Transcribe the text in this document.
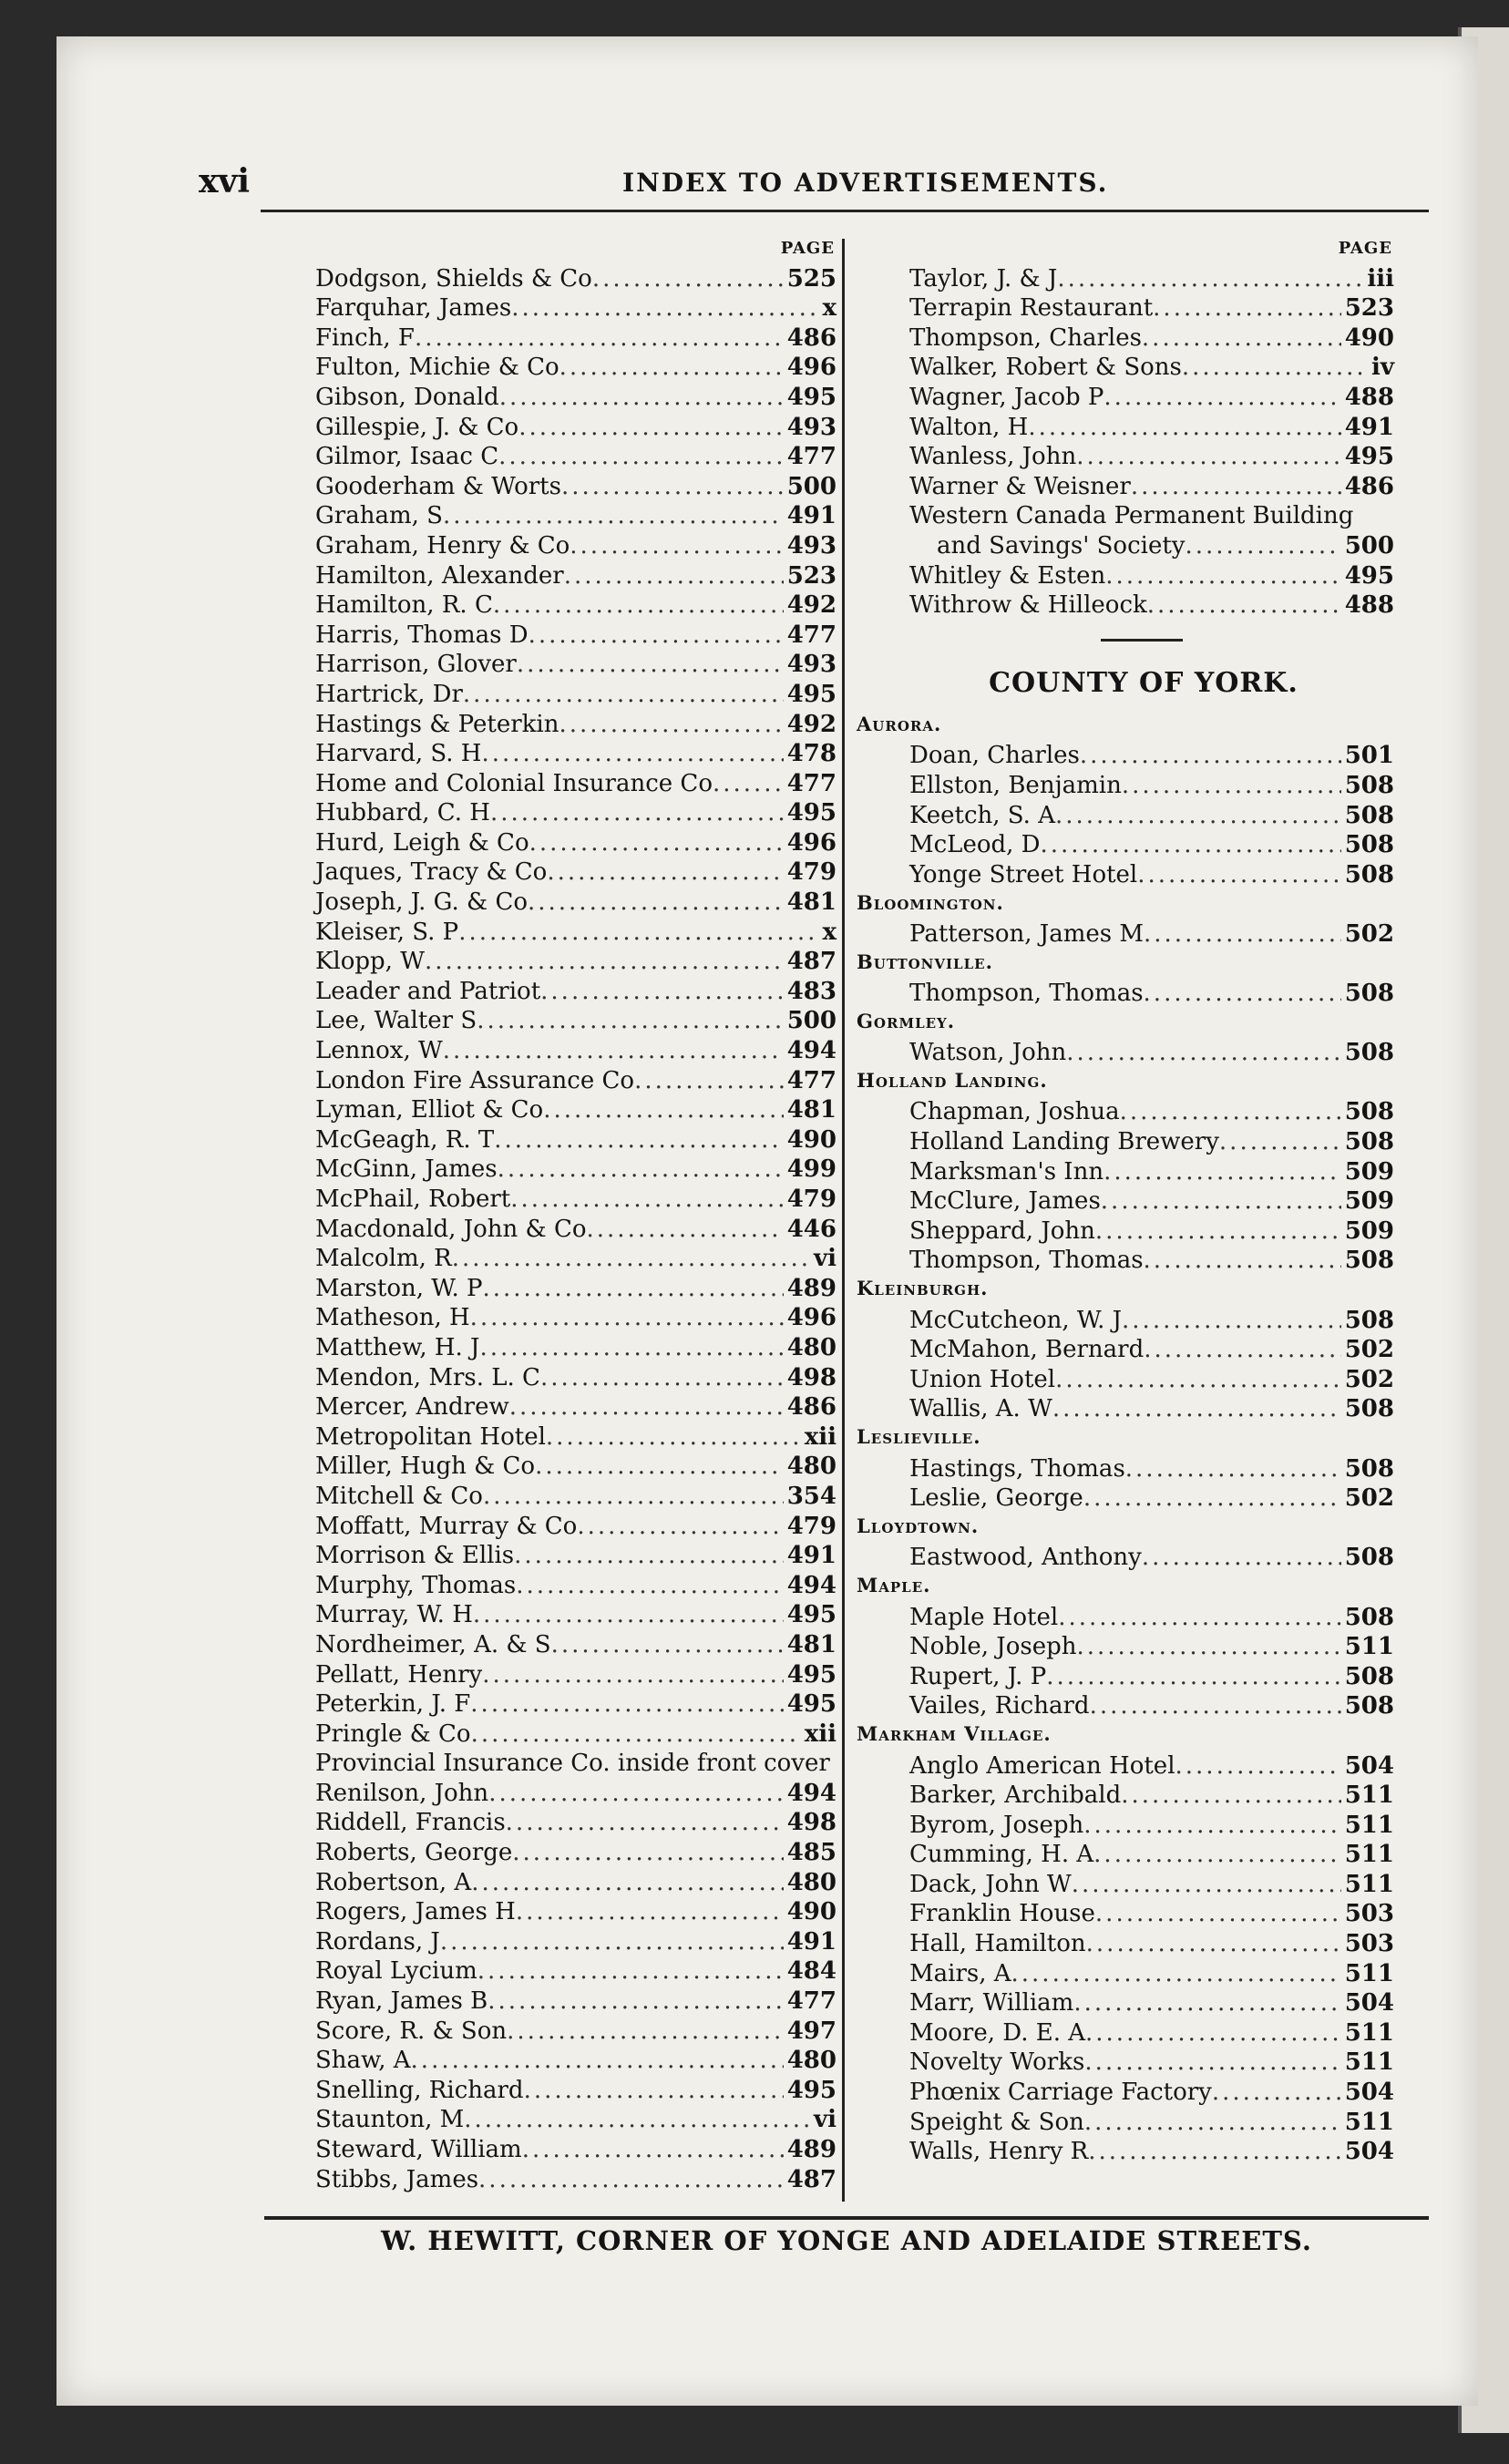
xvi	INDEX TO ADVERTISEMENTS.
PAGE
Dodgson, Shields & Co .....	525
Farquhar, James .....	x
Finch, F .....	486
Fulton, Michie & Co .....	496
Gibson, Donald .....	495
Gillespie, J. & Co .....	493
Gilmor, Isaac C .....	477
Gooderham & Worts .....	500
Graham, S .....	491
Graham, Henry & Co .....	493
Hamilton, Alexander .....	523
Hamilton, R. C .....	492
Harris, Thomas D .....	477
Harrison, Glover .....	493
Hartrick, Dr .....	495
Hastings & Peterkin .....	492
Harvard, S. H .....	478
Home and Colonial Insurance Co .....	477
Hubbard, C. H .....	495
Hurd, Leigh & Co .....	496
Jaques, Tracy & Co .....	479
Joseph, J. G. & Co .....	481
Kleiser, S. P .....	x
Klopp, W .....	487
Leader and Patriot .....	483
Lee, Walter S .....	500
Lennox, W .....	494
London Fire Assurance Co .....	477
Lyman, Elliot & Co .....	481
McGeagh, R. T .....	490
McGinn, James .....	499
McPhail, Robert .....	479
Macdonald, John & Co .....	446
Malcolm, R .....	vi
Marston, W. P .....	489
Matheson, H .....	496
Matthew, H. J .....	480
Mendon, Mrs. L. C .....	498
Mercer, Andrew .....	486
Metropolitan Hotel .....	xii
Miller, Hugh & Co .....	480
Mitchell & Co .....	354
Moffatt, Murray & Co .....	479
Morrison & Ellis .....	491
Murphy, Thomas .....	494
Murray, W. H .....	495
Nordheimer, A. & S .....	481
Pellatt, Henry .....	495
Peterkin, J. F .....	495
Pringle & Co .....	xii
Provincial Insurance Co. inside front cover
Renilson, John .....	494
Riddell, Francis .....	498
Roberts, George .....	485
Robertson, A .....	480
Rogers, James H .....	490
Rordans, J .....	491
Royal Lycium .....	484
Ryan, James B .....	477
Score, R. & Son .....	497
Shaw, A .....	480
Snelling, Richard .....	495
Staunton, M .....	vi
Steward, William .....	489
Stibbs, James .....	487
PAGE
Taylor, J. & J .....	iii
Terrapin Restaurant .....	523
Thompson, Charles .....	490
Walker, Robert & Sons .....	iv
Wagner, Jacob P .....	488
Walton, H .....	491
Wanless, John .....	495
Warner & Weisner .....	486
Western Canada Permanent Building
and Savings' Society .....	500
Whitley & Esten .....	495
Withrow & Hilleock .....	488
COUNTY OF YORK.
Aurora.
Doan, Charles .....	501
Ellston, Benjamin .....	508
Keetch, S. A .....	508
McLeod, D .....	508
Yonge Street Hotel .....	508
Bloomington.
Patterson, James M .....	502
Buttonville.
Thompson, Thomas .....	508
Gormley.
Watson, John .....	508
Holland Landing.
Chapman, Joshua .....	508
Holland Landing Brewery .....	508
Marksman's Inn .....	509
McClure, James .....	509
Sheppard, John .....	509
Thompson, Thomas .....	508
Kleinburgh.
McCutcheon, W. J .....	508
McMahon, Bernard .....	502
Union Hotel .....	502
Wallis, A. W .....	508
Leslieville.
Hastings, Thomas .....	508
Leslie, George .....	502
Lloydtown.
Eastwood, Anthony .....	508
Maple.
Maple Hotel .....	508
Noble, Joseph .....	511
Rupert, J. P .....	508
Vailes, Richard .....	508
Markham Village.
Anglo American Hotel .....	504
Barker, Archibald .....	511
Byrom, Joseph .....	511
Cumming, H. A .....	511
Dack, John W .....	511
Franklin House .....	503
Hall, Hamilton .....	503
Mairs, A .....	511
Marr, William .....	504
Moore, D. E. A .....	511
Novelty Works .....	511
Phœnix Carriage Factory .....	504
Speight & Son .....	511
Walls, Henry R .....	504
W. HEWITT, CORNER OF YONGE AND ADELAIDE STREETS.
